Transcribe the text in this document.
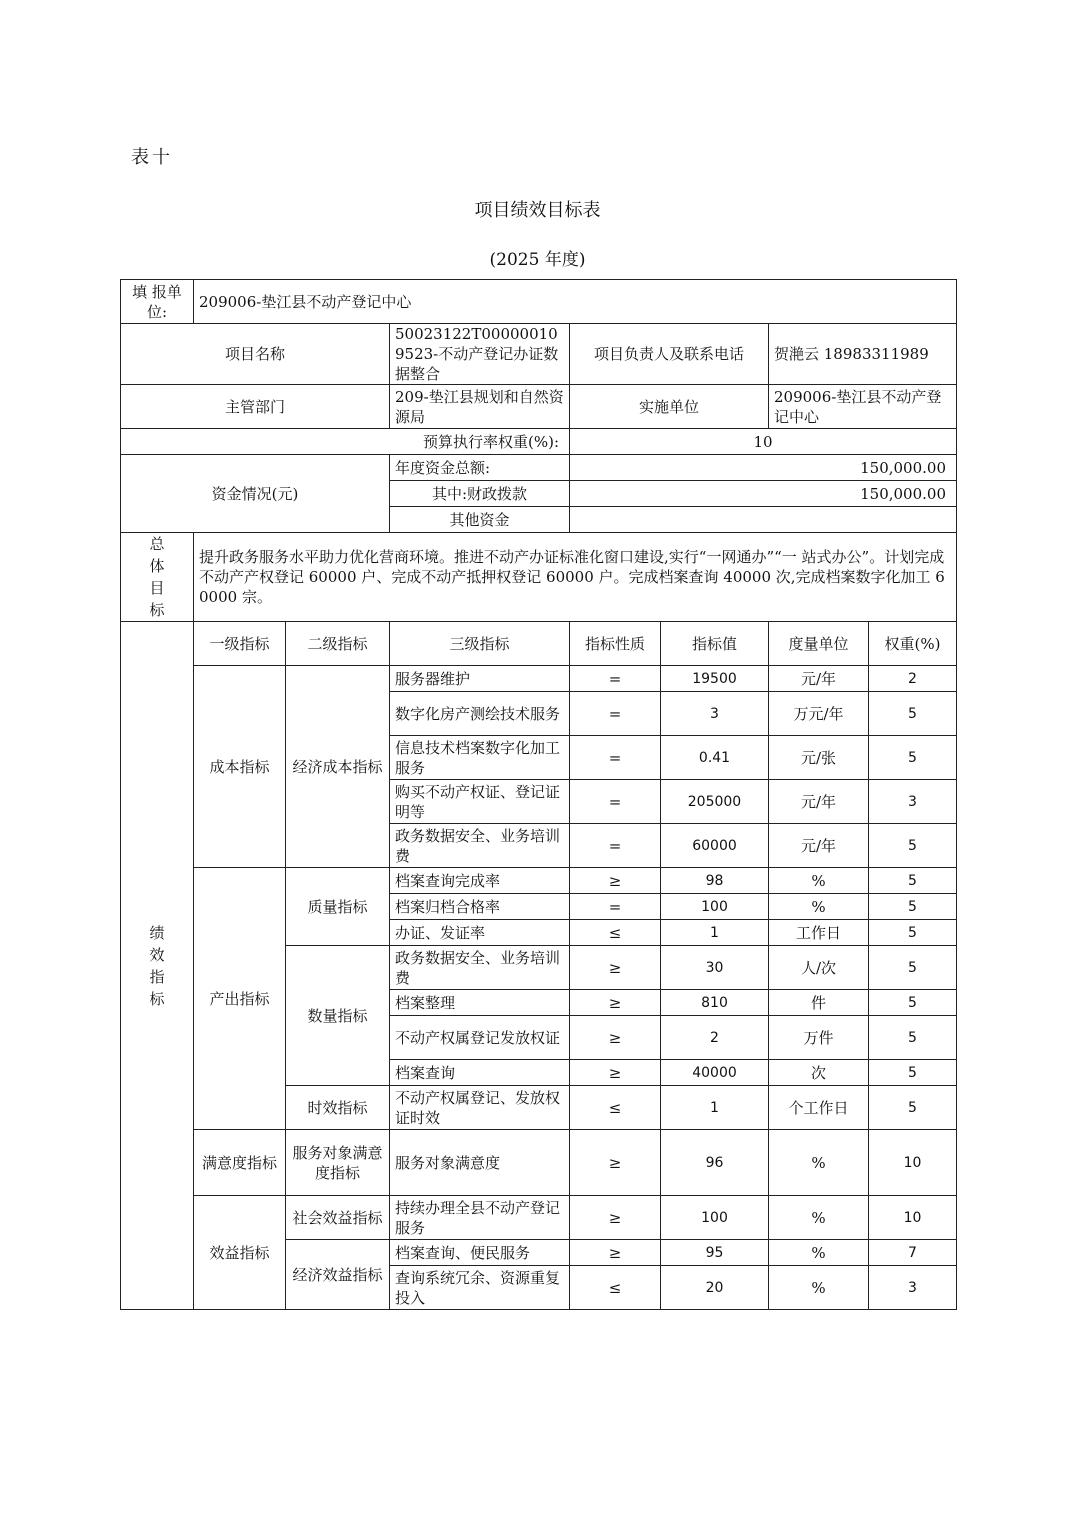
表十
项目绩效目标表
(2025 年度)
填 报单位:	209006-垫江县不动产登记中心						
项目名称			50023122T000000109523-不动产登记办证数据整合	项目负责人及联系电话		贺滟云 18983311989	
主管部门			209-垫江县规划和自然资源局	实施单位		209006-垫江县不动产登记中心	
预算执行率权重(%):				10			
资金情况(元)			年度资金总额:	150,000.00			
			其中:财政拨款	150,000.00			
			其他资金				
总体目标	提升政务服务水平助力优化营商环境。推进不动产办证标准化窗口建设,实行“一网通办”“一 站式办公”。计划完成不动产产权登记 60000 户、完成不动产抵押权登记 60000 户。完成档案查询 40000 次,完成档案数字化加工 60000 宗。						
绩效指标	一级指标	二级指标	三级指标	指标性质	指标值	度量单位	权重(%)
	成本指标	经济成本指标	服务器维护	=	19500	元/年	2
			数字化房产测绘技术服务	=	3	万元/年	5
			信息技术档案数字化加工服务	=	0.41	元/张	5
			购买不动产权证、登记证明等	=	205000	元/年	3
			政务数据安全、业务培训费	=	60000	元/年	5
	产出指标	质量指标	档案查询完成率	≥	98	%	5
			档案归档合格率	=	100	%	5
			办证、发证率	≤	1	工作日	5
		数量指标	政务数据安全、业务培训费	≥	30	人/次	5
			档案整理	≥	810	件	5
			不动产权属登记发放权证	≥	2	万件	5
			档案查询	≥	40000	次	5
		时效指标	不动产权属登记、发放权证时效	≤	1	个工作日	5
	满意度指标	服务对象满意度指标	服务对象满意度	≥	96	%	10
	效益指标	社会效益指标	持续办理全县不动产登记服务	≥	100	%	10
		经济效益指标	档案查询、便民服务	≥	95	%	7
			查询系统冗余、资源重复投入	≤	20	%	3
